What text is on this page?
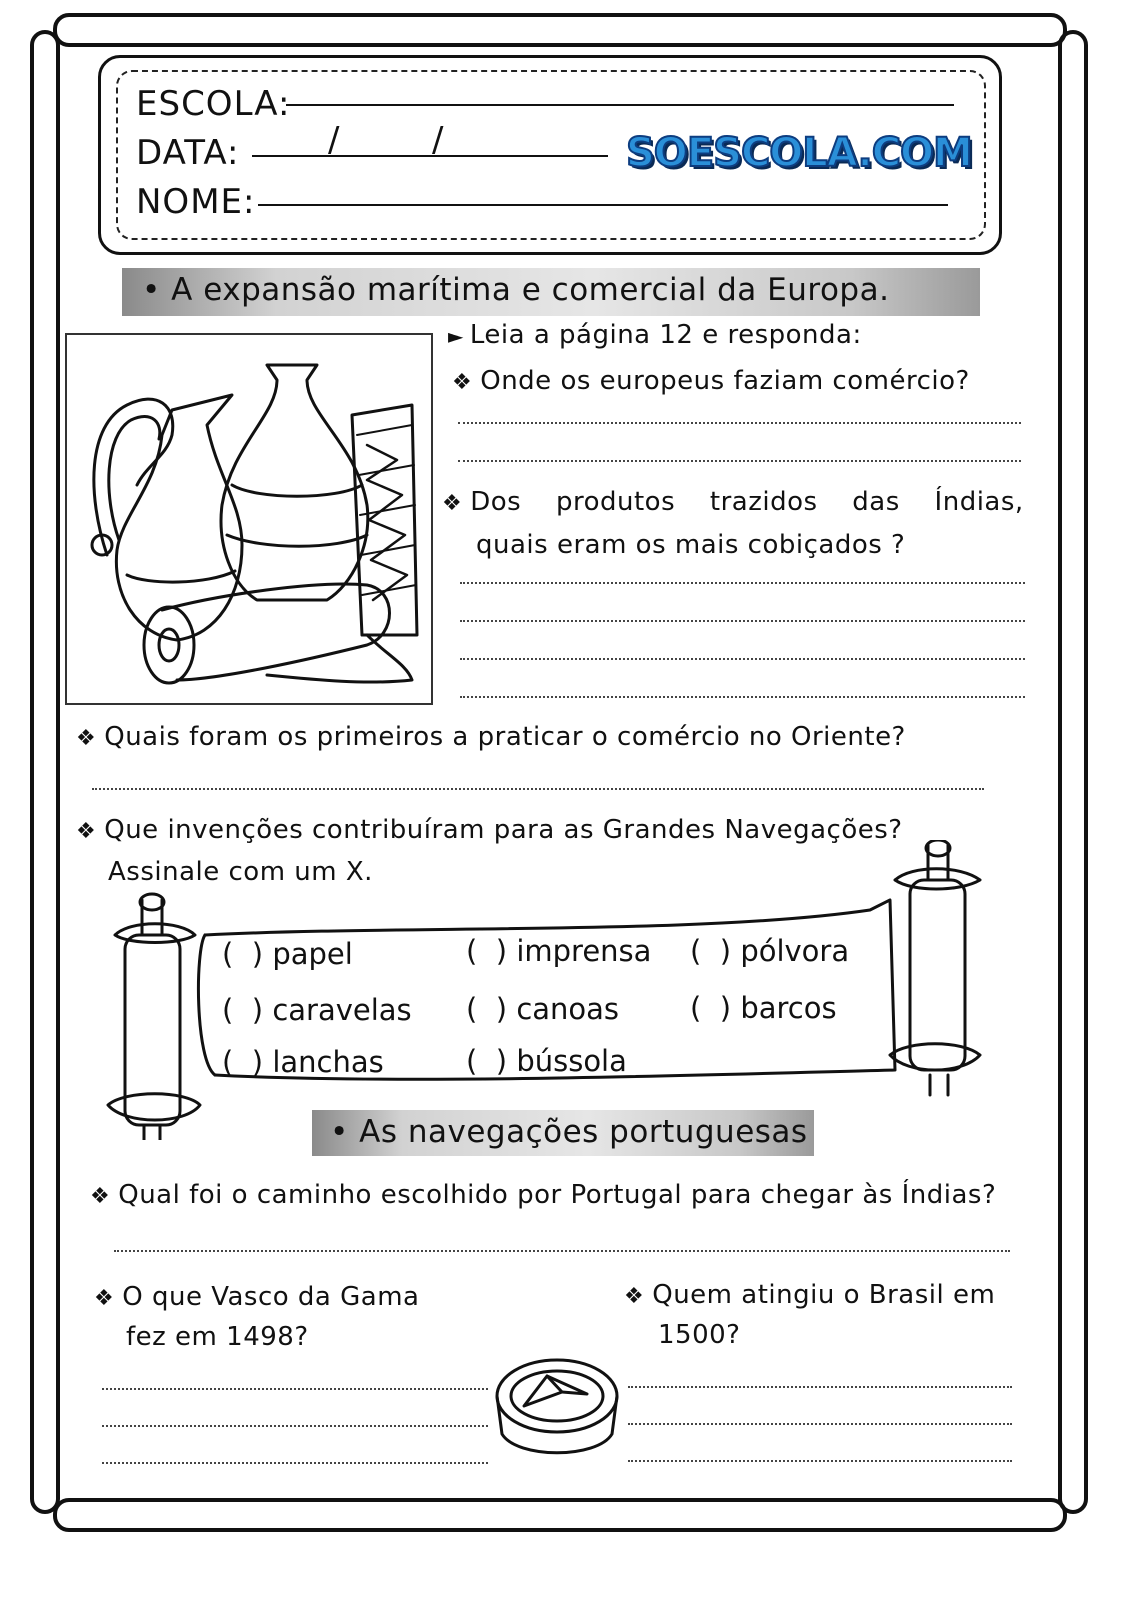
ESCOLA:
DATA:	/	/	SOESCOLA.COM
NOME:
• A expansão marítima e comercial da Europa.
► Leia a página 12 e responda:
❖ Onde os europeus faziam comércio?
❖ Dos produtos trazidos das Índias,
quais eram os mais cobiçados ?
❖ Quais foram os primeiros a praticar o comércio no Oriente?
❖ Que invenções contribuíram para as Grandes Navegações?
Assinale com um X.
( ) papel	( ) imprensa ( ) pólvora
( ) caravelas ( ) canoas ( ) barcos
( ) lanchas	( ) bússola
• As navegações portuguesas
❖ Qual foi o caminho escolhido por Portugal para chegar às Índias?
❖ O que Vasco da Gama
fez em 1498?
❖ Quem atingiu o Brasil em
1500?
